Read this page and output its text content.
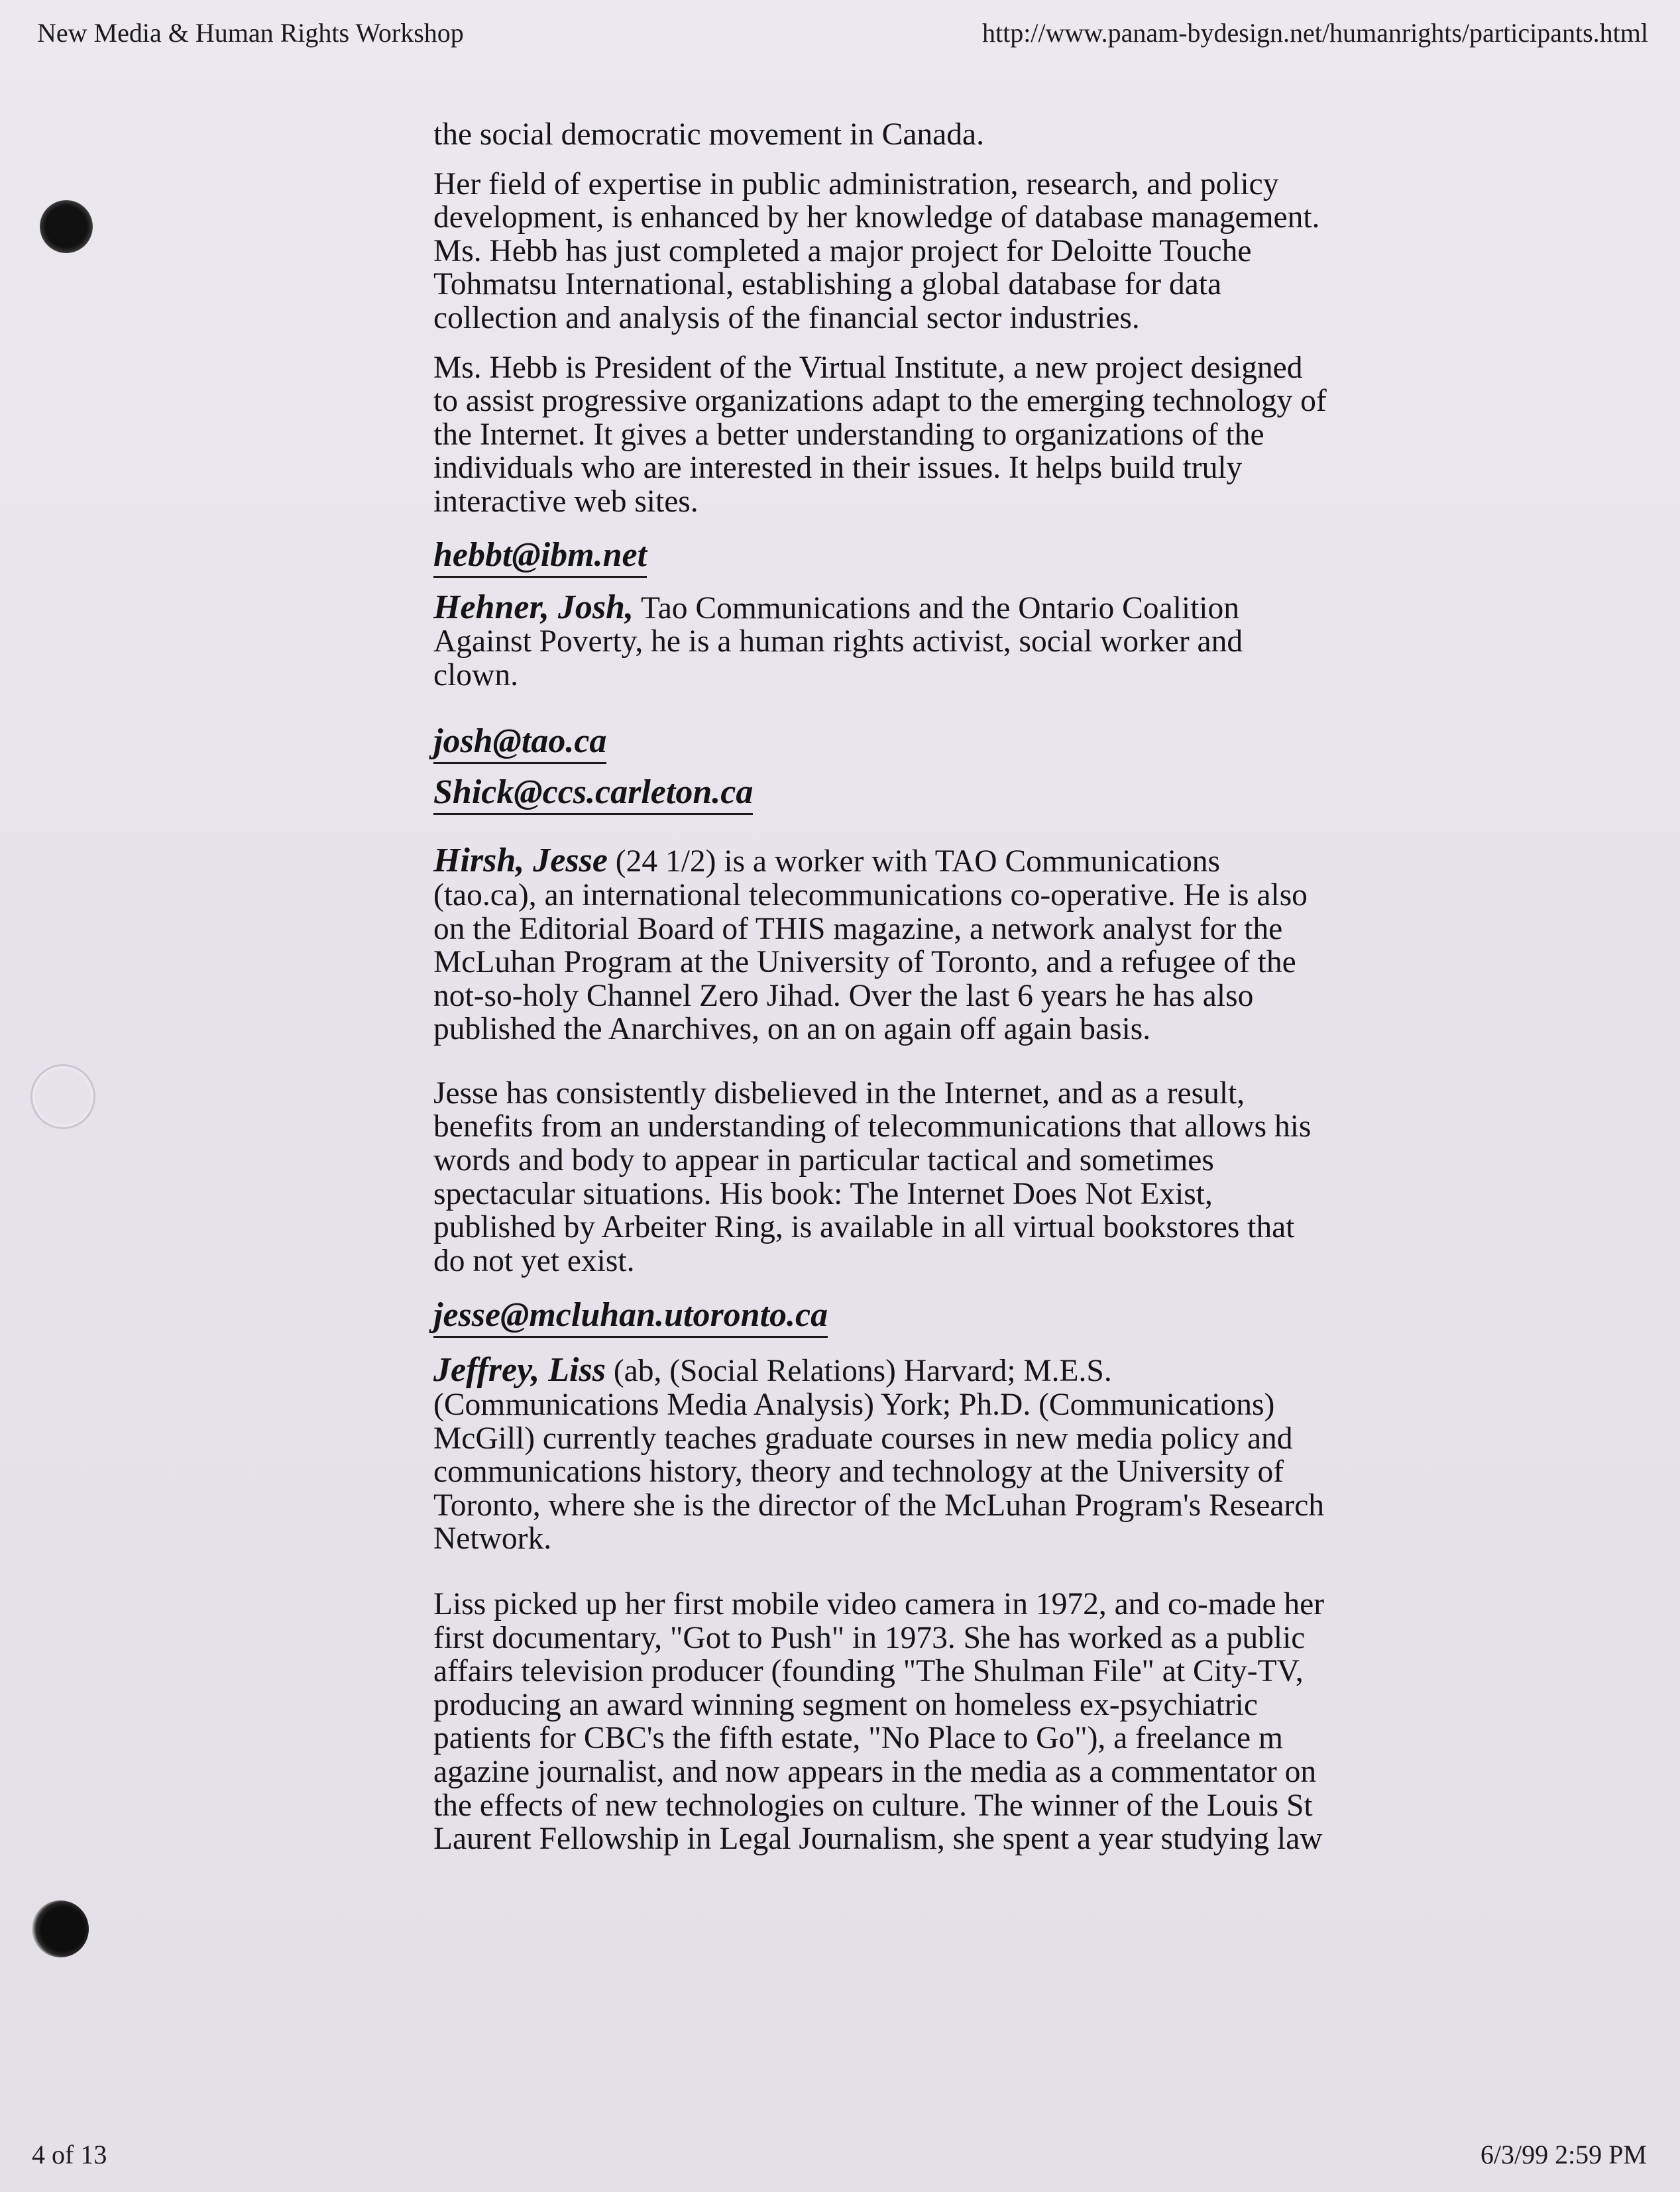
New Media & Human Rights Workshop	http://www.panam-bydesign.net/humanrights/participants.html

the social democratic movement in Canada.

Her field of expertise in public administration, research, and policy

development, is enhanced by her knowledge of database management.

Ms. Hebb has just completed a major project for Deloitte Touche

Tohmatsu International, establishing a global database for data

collection and analysis of the financial sector industries.

Ms. Hebb is President of the Virtual Institute, a new project designed

to assist progressive organizations adapt to the emerging technology of

the Internet. It gives a better understanding to organizations of the

individuals who are interested in their issues. It helps build truly

interactive web sites.

hebbt@ibm.net

Hehner, Josh, Tao Communications and the Ontario Coalition

Against Poverty, he is a human rights activist, social worker and

clown.

josh@tao.ca

Shick@ccs.carleton.ca

Hirsh, Jesse (24 1/2) is a worker with TAO Communications

(tao.ca), an international telecommunications co-operative. He is also

on the Editorial Board of THIS magazine, a network analyst for the

McLuhan Program at the University of Toronto, and a refugee of the

not-so-holy Channel Zero Jihad. Over the last 6 years he has also

published the Anarchives, on an on again off again basis.

Jesse has consistently disbelieved in the Internet, and as a result,

benefits from an understanding of telecommunications that allows his

words and body to appear in particular tactical and sometimes

spectacular situations. His book: The Internet Does Not Exist,

published by Arbeiter Ring, is available in all virtual bookstores that

do not yet exist.

jesse@mcluhan.utoronto.ca

Jeffrey, Liss (ab, (Social Relations) Harvard; M.E.S.

(Communications Media Analysis) York; Ph.D. (Communications)

McGill) currently teaches graduate courses in new media policy and

communications history, theory and technology at the University of

Toronto, where she is the director of the McLuhan Program's Research

Network.

Liss picked up her first mobile video camera in 1972, and co-made her

first documentary, "Got to Push" in 1973. She has worked as a public

affairs television producer (founding "The Shulman File" at City-TV,

producing an award winning segment on homeless ex-psychiatric

patients for CBC's the fifth estate, "No Place to Go"), a freelance m

agazine journalist, and now appears in the media as a commentator on

the effects of new technologies on culture. The winner of the Louis St

Laurent Fellowship in Legal Journalism, she spent a year studying law

4 of 13	6/3/99 2:59 PM
